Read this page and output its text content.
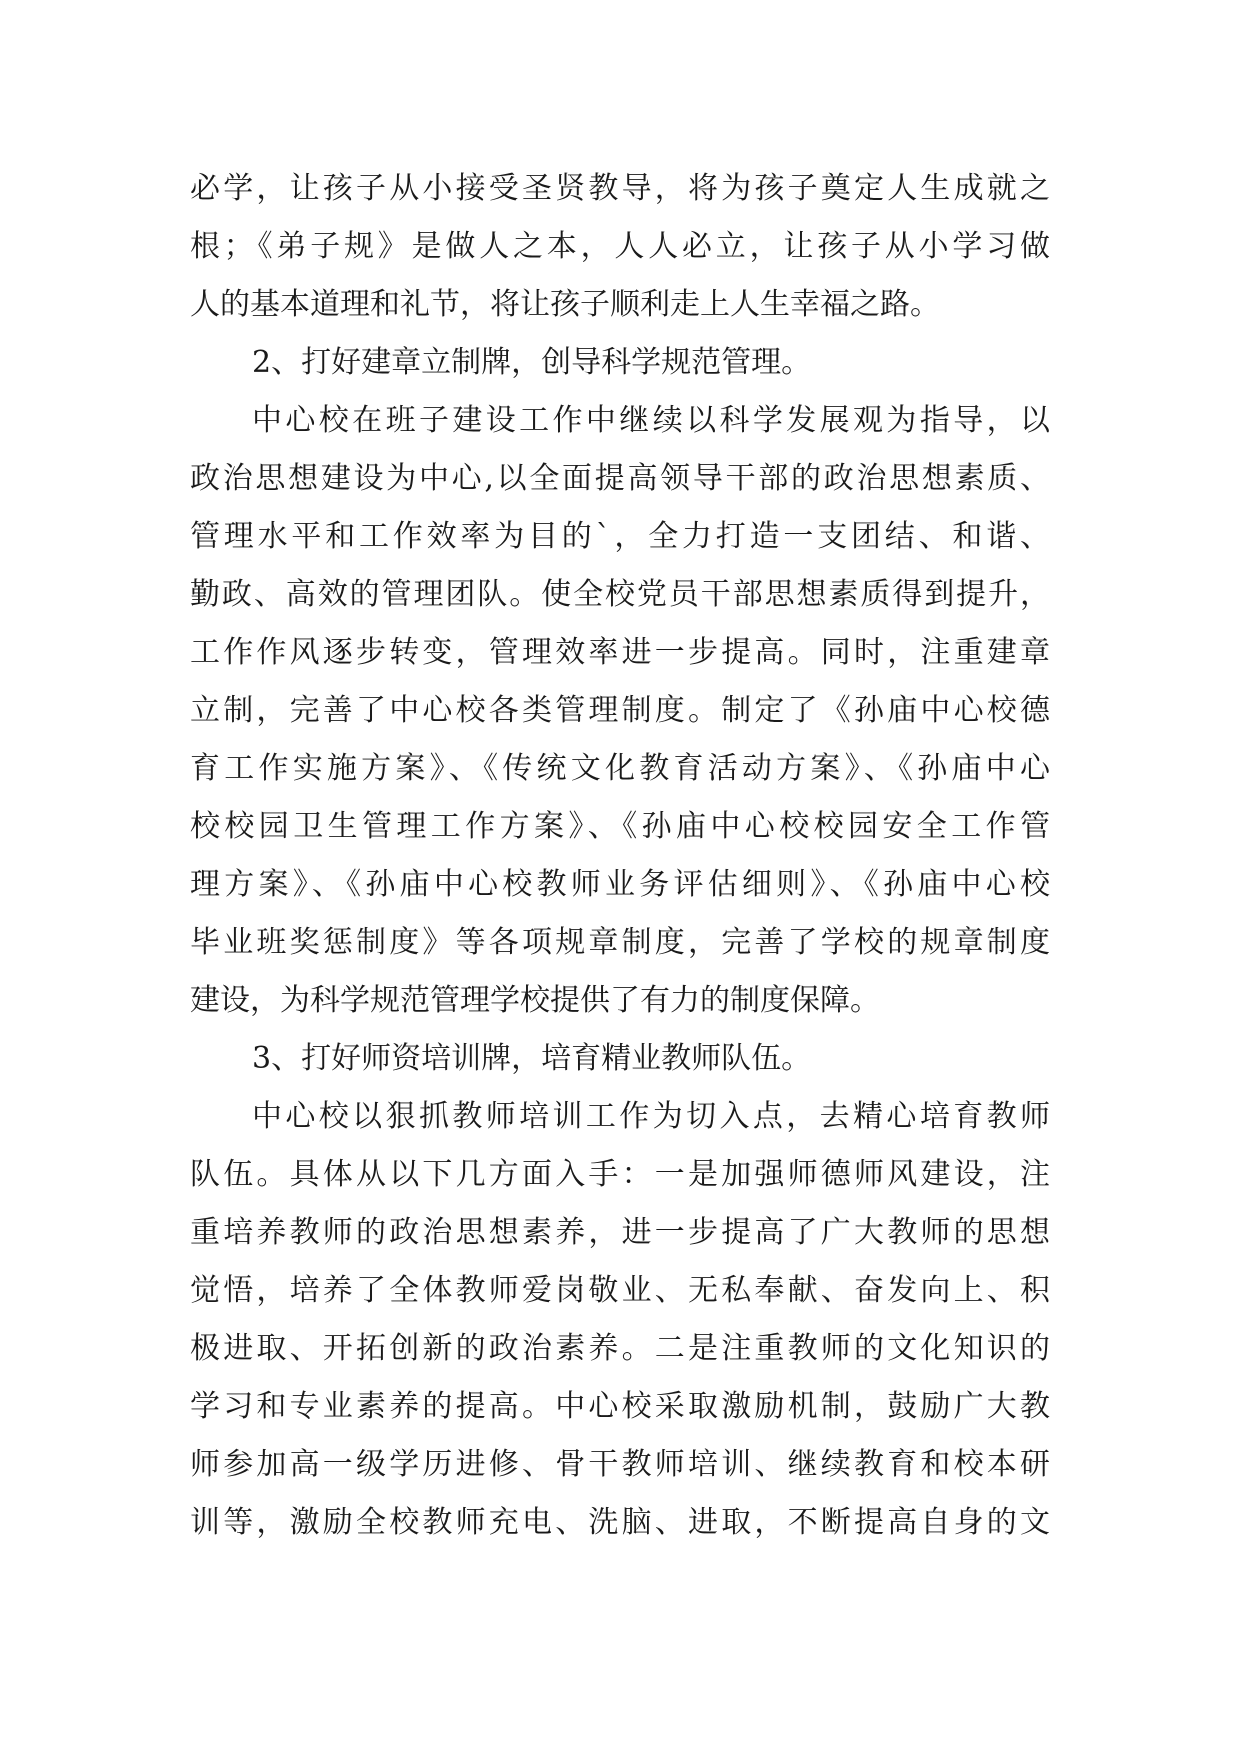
必学，让孩子从小接受圣贤教导，将为孩子奠定人生成就之
根；《弟子规》是做人之本，人人必立，让孩子从小学习做
人的基本道理和礼节，将让孩子顺利走上人生幸福之路。
2、打好建章立制牌，创导科学规范管理。
中心校在班子建设工作中继续以科学发展观为指导，以
政治思想建设为中心,以全面提高领导干部的政治思想素质、
管理水平和工作效率为目的`，全力打造一支团结、和谐、
勤政、高效的管理团队。使全校党员干部思想素质得到提升，
工作作风逐步转变，管理效率进一步提高。同时，注重建章
立制，完善了中心校各类管理制度。制定了《孙庙中心校德
育工作实施方案》、《传统文化教育活动方案》、《孙庙中心
校校园卫生管理工作方案》、《孙庙中心校校园安全工作管
理方案》、《孙庙中心校教师业务评估细则》、《孙庙中心校
毕业班奖惩制度》等各项规章制度，完善了学校的规章制度
建设，为科学规范管理学校提供了有力的制度保障。
3、打好师资培训牌，培育精业教师队伍。
中心校以狠抓教师培训工作为切入点，去精心培育教师
队伍。具体从以下几方面入手：一是加强师德师风建设，注
重培养教师的政治思想素养，进一步提高了广大教师的思想
觉悟，培养了全体教师爱岗敬业、无私奉献、奋发向上、积
极进取、开拓创新的政治素养。二是注重教师的文化知识的
学习和专业素养的提高。中心校采取激励机制，鼓励广大教
师参加高一级学历进修、骨干教师培训、继续教育和校本研
训等，激励全校教师充电、洗脑、进取，不断提高自身的文
